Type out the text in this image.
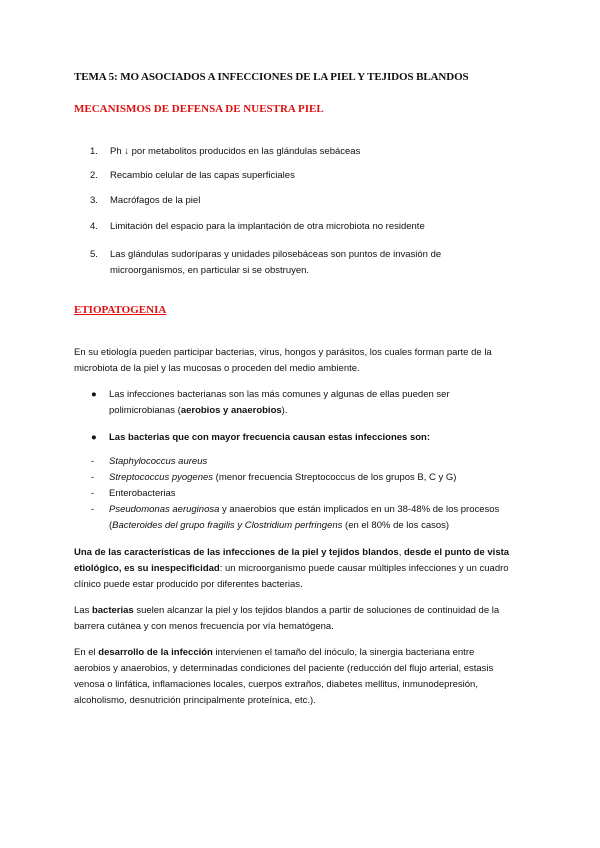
TEMA 5: MO ASOCIADOS A INFECCIONES DE LA PIEL Y TEJIDOS BLANDOS
MECANISMOS DE DEFENSA DE NUESTRA PIEL
1.	Ph ↓ por metabolitos producidos en las glándulas sebáceas
2.	Recambio celular de las capas superficiales
3.	Macrófagos de la piel
4.	Limitación del espacio para la implantación de otra microbiota no residente
5.	Las glándulas sudoríparas y unidades pilosebáceas son puntos de invasión de
microorganismos, en particular si se obstruyen.
ETIOPATOGENIA
En su etiología pueden participar bacterias, virus, hongos y parásitos, los cuales forman parte de la
microbiota de la piel y las mucosas o proceden del medio ambiente.
● Las infecciones bacterianas son las más comunes y algunas de ellas pueden ser
polimicrobianas (aerobios y anaerobios).
● Las bacterias que con mayor frecuencia causan estas infecciones son:
- Staphylococcus aureus
- Streptococcus pyogenes (menor frecuencia Streptococcus de los grupos B, C y G)
- Enterobacterias
- Pseudomonas aeruginosa y anaerobios que están implicados en un 38-48% de los procesos
(Bacteroides del grupo fragilis y Clostridium perfringens (en el 80% de los casos)
Una de las características de las infecciones de la piel y tejidos blandos, desde el punto de vista
etiológico, es su inespecificidad: un microorganismo puede causar múltiples infecciones y un cuadro
clínico puede estar producido por diferentes bacterias.
Las bacterias suelen alcanzar la piel y los tejidos blandos a partir de soluciones de continuidad de la
barrera cutánea y con menos frecuencia por vía hematógena.
En el desarrollo de la infección intervienen el tamaño del inóculo, la sinergia bacteriana entre
aerobios y anaerobios, y determinadas condiciones del paciente (reducción del flujo arterial, estasis
venosa o linfática, inflamaciones locales, cuerpos extraños, diabetes mellitus, inmunodepresión,
alcoholismo, desnutrición principalmente proteínica, etc.).
